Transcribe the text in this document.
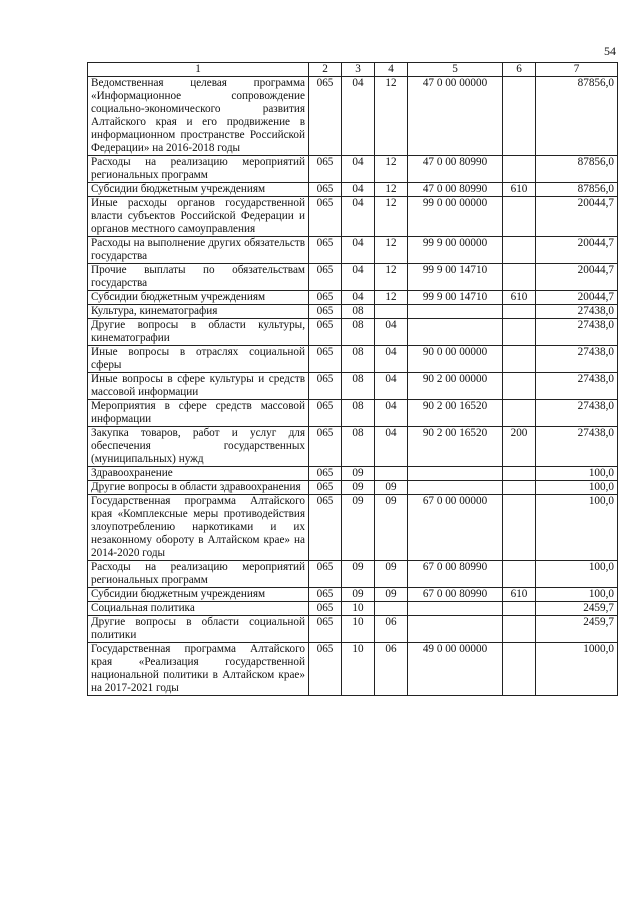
54
1	2	3	4	5	6	7
Ведомственная целевая программа «Информационное сопровождение социально-экономического развития Алтайского края и его продвижение в информационном пространстве Российской Федерации» на 2016-2018 годы	065	04	12	47 0 00 00000		87856,0
Расходы на реализацию мероприятий региональных программ	065	04	12	47 0 00 80990		87856,0
Субсидии бюджетным учреждениям	065	04	12	47 0 00 80990	610	87856,0
Иные расходы органов государственной власти субъектов Российской Федерации и органов местного самоуправления	065	04	12	99 0 00 00000		20044,7
Расходы на выполнение других обязательств государства	065	04	12	99 9 00 00000		20044,7
Прочие выплаты по обязательствам государства	065	04	12	99 9 00 14710		20044,7
Субсидии бюджетным учреждениям	065	04	12	99 9 00 14710	610	20044,7
Культура, кинематография	065	08				27438,0
Другие вопросы в области культуры, кинематографии	065	08	04			27438,0
Иные вопросы в отраслях социальной сферы	065	08	04	90 0 00 00000		27438,0
Иные вопросы в сфере культуры и средств массовой информации	065	08	04	90 2 00 00000		27438,0
Мероприятия в сфере средств массовой информации	065	08	04	90 2 00 16520		27438,0
Закупка товаров, работ и услуг для обеспечения государственных (муниципальных) нужд	065	08	04	90 2 00 16520	200	27438,0
Здравоохранение	065	09				100,0
Другие вопросы в области здравоохранения	065	09	09			100,0
Государственная программа Алтайского края «Комплексные меры противодействия злоупотреблению наркотиками и их незаконному обороту в Алтайском крае» на 2014-2020 годы	065	09	09	67 0 00 00000		100,0
Расходы на реализацию мероприятий региональных программ	065	09	09	67 0 00 80990		100,0
Субсидии бюджетным учреждениям	065	09	09	67 0 00 80990	610	100,0
Социальная политика	065	10				2459,7
Другие вопросы в области социальной политики	065	10	06			2459,7
Государственная программа Алтайского края «Реализация государственной национальной политики в Алтайском крае» на 2017-2021 годы	065	10	06	49 0 00 00000		1000,0
